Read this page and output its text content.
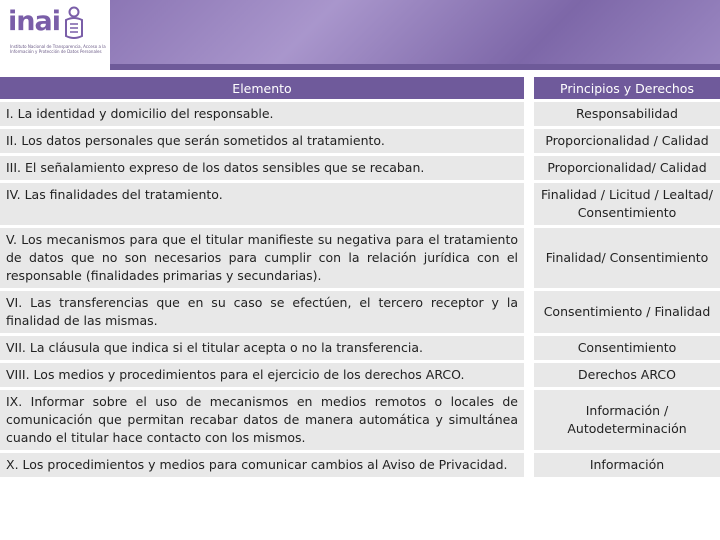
inai
Instituto Nacional de Transparencia, Acceso a la
Información y Protección de Datos Personales
Elemento	Principios y Derechos
I. La identidad y domicilio del responsable.	Responsabilidad
II. Los datos personales que serán sometidos al tratamiento.	Proporcionalidad / Calidad
III. El señalamiento expreso de los datos sensibles que se recaban.	Proporcionalidad/ Calidad
IV. Las finalidades del tratamiento.	Finalidad / Licitud / Lealtad/ Consentimiento
V. Los mecanismos para que el titular manifieste su negativa para el tratamiento de datos que no son necesarios para cumplir con la relación jurídica con el responsable (finalidades primarias y secundarias).	Finalidad/ Consentimiento
VI. Las transferencias que en su caso se efectúen, el tercero receptor y la finalidad de las mismas.	Consentimiento / Finalidad
VII. La cláusula que indica si el titular acepta o no la transferencia.	Consentimiento
VIII. Los medios y procedimientos para el ejercicio de los derechos ARCO.	Derechos ARCO
IX. Informar sobre el uso de mecanismos en medios remotos o locales de comunicación que permitan recabar datos de manera automática y simultánea cuando el titular hace contacto con los mismos.	Información / Autodeterminación
X. Los procedimientos y medios para comunicar cambios al Aviso de Privacidad.	Información
